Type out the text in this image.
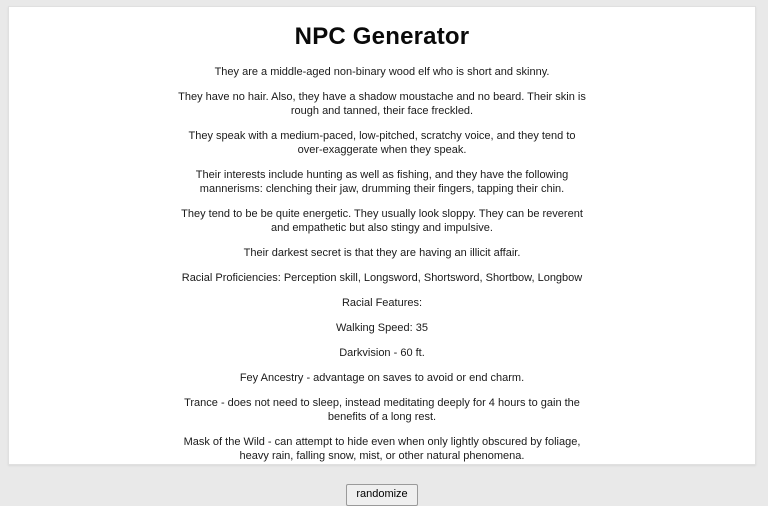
NPC Generator

They are a middle-aged non-binary wood elf who is short and skinny.

They have no hair. Also, they have a shadow moustache and no beard. Their skin is rough and tanned, their face freckled.

They speak with a medium-paced, low-pitched, scratchy voice, and they tend to over-exaggerate when they speak.

Their interests include hunting as well as fishing, and they have the following mannerisms: clenching their jaw, drumming their fingers, tapping their chin.

They tend to be be quite energetic. They usually look sloppy. They can be reverent and empathetic but also stingy and impulsive.

Their darkest secret is that they are having an illicit affair.

Racial Proficiencies: Perception skill, Longsword, Shortsword, Shortbow, Longbow

Racial Features:

Walking Speed: 35

Darkvision - 60 ft.

Fey Ancestry - advantage on saves to avoid or end charm.

Trance - does not need to sleep, instead meditating deeply for 4 hours to gain the benefits of a long rest.

Mask of the Wild - can attempt to hide even when only lightly obscured by foliage, heavy rain, falling snow, mist, or other natural phenomena.

randomize
